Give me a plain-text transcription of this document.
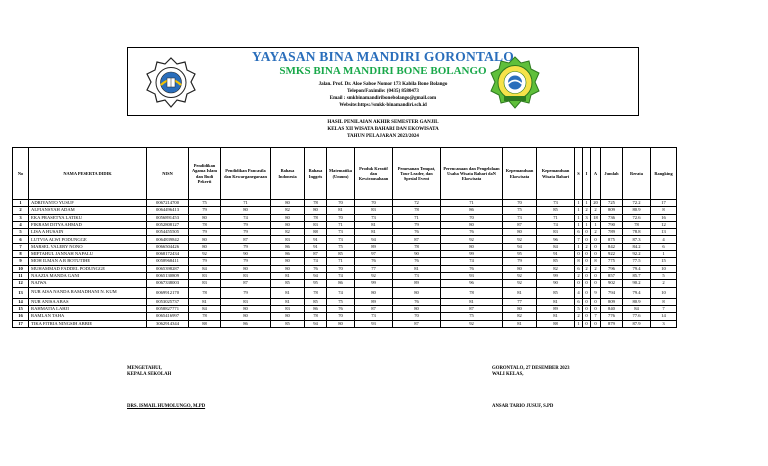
YAYASAN BINA MANDIRI GORONTALO
SMKS BINA MANDIRI BONE BOLANGO
Jalan. Prof. Dr. Aloe Saboe Nomor 173 Kabila Bone Bolango
Telepon/Faximile: (0435) 8580473
Email : smkbinamandiribonebolango@gmail.com
Website:https://smkk-binamandiri.sch.id
HASIL PENILAIAN AKHIR SEMESTER GANJIL
KELAS XII WISATA BAHARI DAN EKOWISATA
TAHUN PELAJARAN 2023/2024
No	NAMA PESERTA DIDIK	NISN	Pendidikan Agama Islam dan Budi Pekerti	Pendidikan Pancasila dan Kewarganegaraan	Bahasa Indonesia	Bahasa Inggris	Matematika (Umum)	Produk Kreatif dan Kewirausahaan	Pemesanan Tempat, Tour Leader, dan Spesial Event	Perencanaan dan Pengelolaan Usaha Wisata Bahari daN Ekowisata	Kepemanduan Ekowisata	Kepemanduan Wisata Bahari	S	I	A	Jumlah	Rerata	Rangking
1	ADRIYANTO YUSUF	0067214700	75	71	80	78	70	70	72	71	70	73	1	1	20	725	72.2	17
2	ALFIANSYAH ADAM	0064496413	79	80	82	80	81	83	78	86	75	85	1	2	2	809	80.9	8
3	EKA PRASETYA LATIKU	0056891453	80	74	80	78	70	73	71	70	73	71	1	3	18	736	72.6	16
4	FIKRAM DITYA AHMAD	0052808127	78	79	80	83	71	81	79	80	87	74	1	1	1	790	78	12
5	LISA A HUSAIN	0054455505	79	79	82	88	73	81	76	76	80	83	6	0	2	789	78.8	13
6	LUTVIA ALWI PODUNGGE	0064839842	80	87	83	91	73	94	87	92	92	96	7	0	0	875	87.3	4
7	MARSEL VALERY NONO	0066504426	80	79	86	91	75	89	78	80	94	84	1	2	0	842	84.2	6
8	MIFTAHUL JANNAH NAPALU	0068172434	92	90	86	87	85	97	90	99	95	91	0	0	0	922	92.2	1
9	MOH ILMAN A R BOTUTIHE	0058968411	79	79	80	74	71	76	76	74	79	85	8	0	8	775	77.5	15
10	MUHAMMAD FADDEL PODUNGGE	0065398287	84	80	80	76	70	77	81	76	80	82	6	2	2	796	79.4	10
11	NAAZIA MANDA GANI	0065130809	83	83	81	94	74	92	73	93	92	99	2	0	0	857	85.7	5
12	NAJWA	0067338003	83	87	85	95	86	99	89	96	92	90	0	0	0	902	90.2	2
13	NUR AISA NANDA RAMADHANI N. KUM	0069912170	78	79	81	78	74	80	80	78	81	85	4	0	9	794	79.4	10
14	NUR ANISA ABAS	0053025737	81	83	81	85	75	89	76	81	77	81	6	0	0	809	80.9	8
15	RAHMATIA LAHJI	0058827771	84	80	83	86	76	87	80	87	80	89	5	0	0	840	84	7
16	RAMLAN TAHA	0065416997	78	80	80	78	70	73	70	75	82	81	2	0	7	776	77.6	14
17	TIKA FITRIA NINGSIH ABBIE	3062914344	88	86	85	94	80	93	87	92	81	88	1	0	0	879	87.9	3
MENGETAHUI,
KEPALA SEKOLAH
GORONTALO, 27 DESEMBER 2023
WALI KELAS,
DRS. ISMAIL HUMOLUNGO, M.PD	ANSAR TARIO JUSUF, S.PD
